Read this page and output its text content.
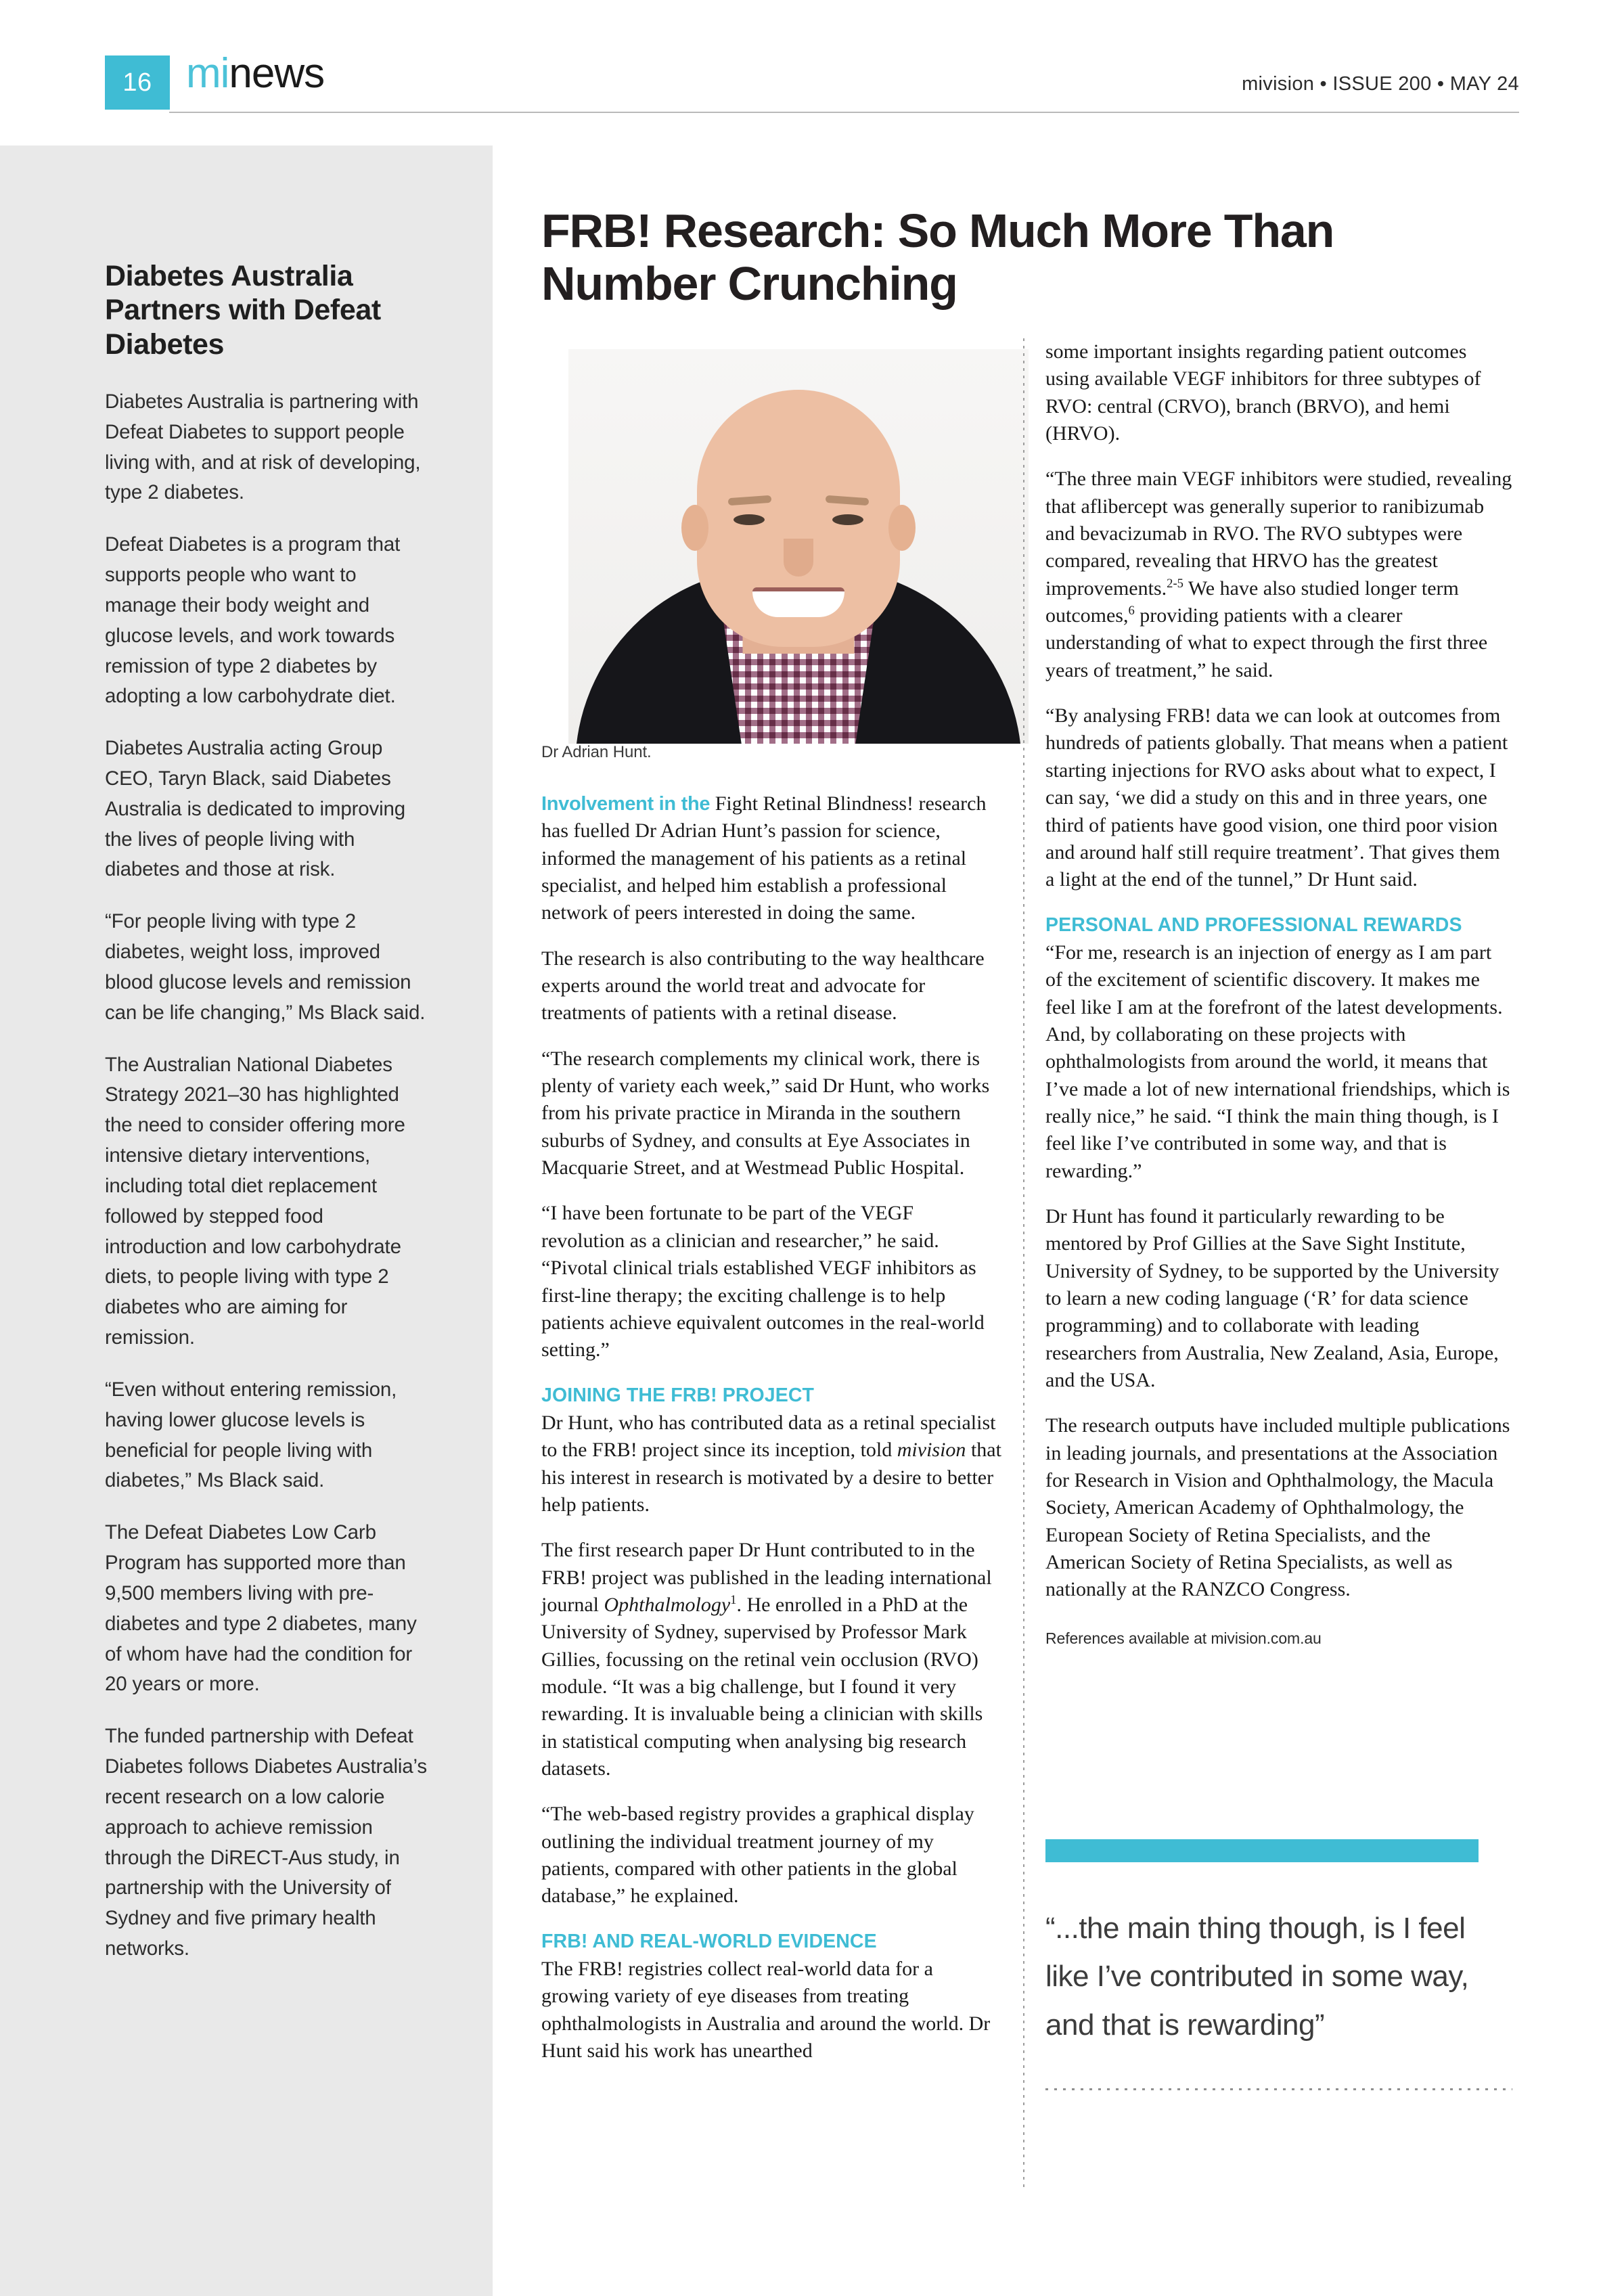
16 minews	mivision • ISSUE 200 • MAY 24
Diabetes Australia Partners with Defeat Diabetes

Diabetes Australia is partnering with Defeat Diabetes to support people living with, and at risk of developing, type 2 diabetes.

Defeat Diabetes is a program that supports people who want to manage their body weight and glucose levels, and work towards remission of type 2 diabetes by adopting a low carbohydrate diet.

Diabetes Australia acting Group CEO, Taryn Black, said Diabetes Australia is dedicated to improving the lives of people living with diabetes and those at risk.

“For people living with type 2 diabetes, weight loss, improved blood glucose levels and remission can be life changing,” Ms Black said.

The Australian National Diabetes Strategy 2021–30 has highlighted the need to consider offering more intensive dietary interventions, including total diet replacement followed by stepped food introduction and low carbohydrate diets, to people living with type 2 diabetes who are aiming for remission.

“Even without entering remission, having lower glucose levels is beneficial for people living with diabetes,” Ms Black said.

The Defeat Diabetes Low Carb Program has supported more than 9,500 members living with pre-diabetes and type 2 diabetes, many of whom have had the condition for 20 years or more.

The funded partnership with Defeat Diabetes follows Diabetes Australia’s recent research on a low calorie approach to achieve remission through the DiRECT-Aus study, in partnership with the University of Sydney and five primary health networks.

FRB! Research: So Much More Than Number Crunching
Dr Adrian Hunt.

Involvement in the Fight Retinal Blindness! research has fuelled Dr Adrian Hunt’s passion for science, informed the management of his patients as a retinal specialist, and helped him establish a professional network of peers interested in doing the same.

The research is also contributing to the way healthcare experts around the world treat and advocate for treatments of patients with a retinal disease.

“The research complements my clinical work, there is plenty of variety each week,” said Dr Hunt, who works from his private practice in Miranda in the southern suburbs of Sydney, and consults at Eye Associates in Macquarie Street, and at Westmead Public Hospital.

“I have been fortunate to be part of the VEGF revolution as a clinician and researcher,” he said. “Pivotal clinical trials established VEGF inhibitors as first-line therapy; the exciting challenge is to help patients achieve equivalent outcomes in the real-world setting.”

JOINING THE FRB! PROJECT

Dr Hunt, who has contributed data as a retinal specialist to the FRB! project since its inception, told mivision that his interest in research is motivated by a desire to better help patients.

The first research paper Dr Hunt contributed to in the FRB! project was published in the leading international journal Ophthalmology$^1$. He enrolled in a PhD at the University of Sydney, supervised by Professor Mark Gillies, focussing on the retinal vein occlusion (RVO) module. “It was a big challenge, but I found it very rewarding. It is invaluable being a clinician with skills in statistical computing when analysing big research datasets.

“The web-based registry provides a graphical display outlining the individual treatment journey of my patients, compared with other patients in the global database,” he explained.

FRB! AND REAL-WORLD EVIDENCE

The FRB! registries collect real-world data for a growing variety of eye diseases from treating ophthalmologists in Australia and around the world. Dr Hunt said his work has unearthed

some important insights regarding patient outcomes using available VEGF inhibitors for three subtypes of RVO: central (CRVO), branch (BRVO), and hemi (HRVO).

“The three main VEGF inhibitors were studied, revealing that aflibercept was generally superior to ranibizumab and bevacizumab in RVO. The RVO subtypes were compared, revealing that HRVO has the greatest improvements.$^{2-5}$ We have also studied longer term outcomes,$^6$ providing patients with a clearer understanding of what to expect through the first three years of treatment,” he said.

“By analysing FRB! data we can look at outcomes from hundreds of patients globally. That means when a patient starting injections for RVO asks about what to expect, I can say, ‘we did a study on this and in three years, one third of patients have good vision, one third poor vision and around half still require treatment’. That gives them a light at the end of the tunnel,” Dr Hunt said.

PERSONAL AND PROFESSIONAL REWARDS

“For me, research is an injection of energy as I am part of the excitement of scientific discovery. It makes me feel like I am at the forefront of the latest developments. And, by collaborating on these projects with ophthalmologists from around the world, it means that I’ve made a lot of new international friendships, which is really nice,” he said. “I think the main thing though, is I feel like I’ve contributed in some way, and that is rewarding.”

Dr Hunt has found it particularly rewarding to be mentored by Prof Gillies at the Save Sight Institute, University of Sydney, to be supported by the University to learn a new coding language (‘R’ for data science programming) and to collaborate with leading researchers from Australia, New Zealand, Asia, Europe, and the USA.

The research outputs have included multiple publications in leading journals, and presentations at the Association for Research in Vision and Ophthalmology, the Macula Society, American Academy of Ophthalmology, the European Society of Retina Specialists, and the American Society of Retina Specialists, as well as nationally at the RANZCO Congress.

References available at mivision.com.au

“...the main thing though, is I feel like I’ve contributed in some way, and that is rewarding”
